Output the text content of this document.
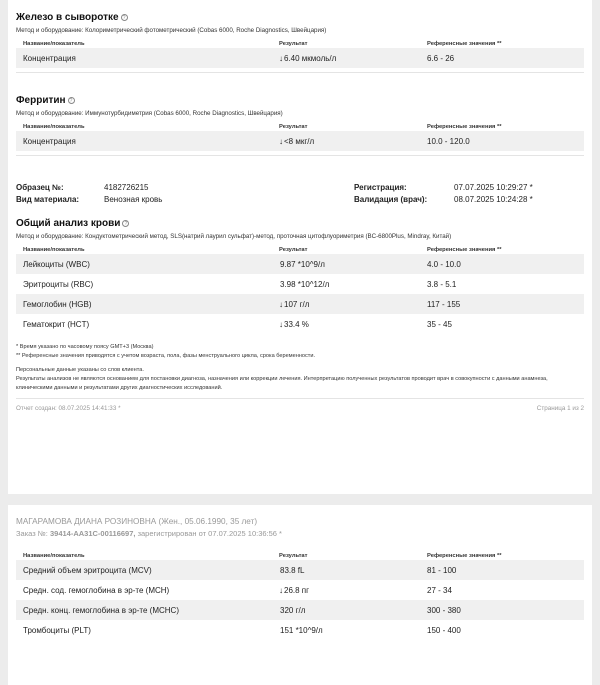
Железо в сыворотке ?
Метод и оборудование: Колориметрический фотометрический (Cobas 6000, Roche Diagnostics, Швейцария)
Название/показатель	Результат	Референсные значения **
Концентрация	↓6.40 мкмоль/л	6.6 - 26
Ферритин ?
Метод и оборудование: Иммунотурбидиметрия (Cobas 6000, Roche Diagnostics, Швейцария)
Название/показатель	Результат	Референсные значения **
Концентрация	↓<8 мкг/л	10.0 - 120.0
Образец №:	4182726215	Регистрация:	07.07.2025 10:29:27 *
Вид материала:	Венозная кровь	Валидация (врач):	08.07.2025 10:24:28 *
Общий анализ крови ?
Метод и оборудование: Кондуктометрический метод, SLS(натрий лаурил сульфат)-метод, проточная цитофлуориметрия (BC-6800Plus, Mindray, Китай)
Название/показатель	Результат	Референсные значения **
Лейкоциты (WBC)	9.87 *10^9/л	4.0 - 10.0
Эритроциты (RBC)	3.98 *10^12/л	3.8 - 5.1
Гемоглобин (HGB)	↓107 г/л	117 - 155
Гематокрит (HCT)	↓33.4 %	35 - 45
* Время указано по часовому поясу GMT+3 (Москва)
** Референсные значения приводятся с учетом возраста, пола, фазы менструального цикла, срока беременности.
Персональные данные указаны со слов клиента.
Результаты анализов не являются основанием для постановки диагноза, назначения или коррекции лечения. Интерпретацию полученных результатов проводит врач в совокупности с данными анамнеза, клиническими данными и результатами других диагностических исследований.
Отчет создан: 08.07.2025 14:41:33 *	Страница 1 из 2
МАГАРАМОВА ДИАНА РОЗИНОВНА (Жен., 05.06.1990, 35 лет)
Заказ №: 39414-AA31C-00116697, зарегистрирован от 07.07.2025 10:36:56 *
Название/показатель	Результат	Референсные значения **
Средний объем эритроцита (MCV)	83.8 fL	81 - 100
Средн. сод. гемоглобина в эр-те (MCH)	↓26.8 пг	27 - 34
Средн. конц. гемоглобина в эр-те (MCHC)	320 г/л	300 - 380
Тромбоциты (PLT)	151 *10^9/л	150 - 400
